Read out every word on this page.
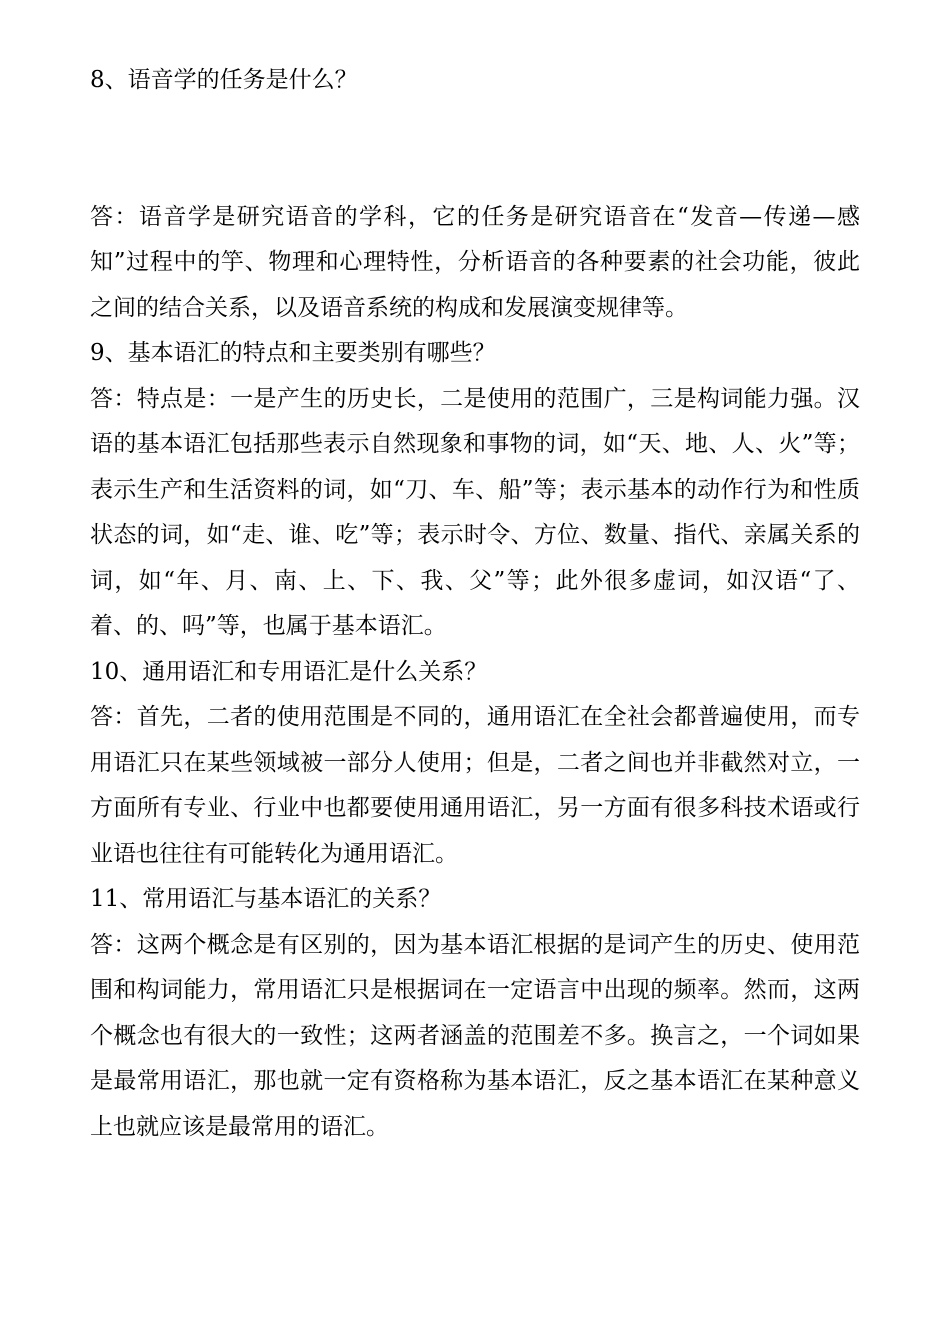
8、语音学的任务是什么？

答：语音学是研究语音的学科，它的任务是研究语音在“发音—传递—感知”过程中的竽、物理和心理特性，分析语音的各种要素的社会功能，彼此之间的结合关系，以及语音系统的构成和发展演变规律等。

9、基本语汇的特点和主要类别有哪些？

答：特点是：一是产生的历史长，二是使用的范围广，三是构词能力强。汉语的基本语汇包括那些表示自然现象和事物的词，如“天、地、人、火”等；表示生产和生活资料的词，如“刀、车、船”等；表示基本的动作行为和性质状态的词，如“走、谁、吃”等；表示时令、方位、数量、指代、亲属关系的词，如“年、月、南、上、下、我、父”等；此外很多虚词，如汉语“了、着、的、吗”等，也属于基本语汇。

10、通用语汇和专用语汇是什么关系？

答：首先，二者的使用范围是不同的，通用语汇在全社会都普遍使用，而专用语汇只在某些领域被一部分人使用；但是，二者之间也并非截然对立，一方面所有专业、行业中也都要使用通用语汇，另一方面有很多科技术语或行业语也往往有可能转化为通用语汇。

11、常用语汇与基本语汇的关系？

答：这两个概念是有区别的，因为基本语汇根据的是词产生的历史、使用范围和构词能力，常用语汇只是根据词在一定语言中出现的频率。然而，这两个概念也有很大的一致性；这两者涵盖的范围差不多。换言之，一个词如果是最常用语汇，那也就一定有资格称为基本语汇，反之基本语汇在某种意义上也就应该是最常用的语汇。
